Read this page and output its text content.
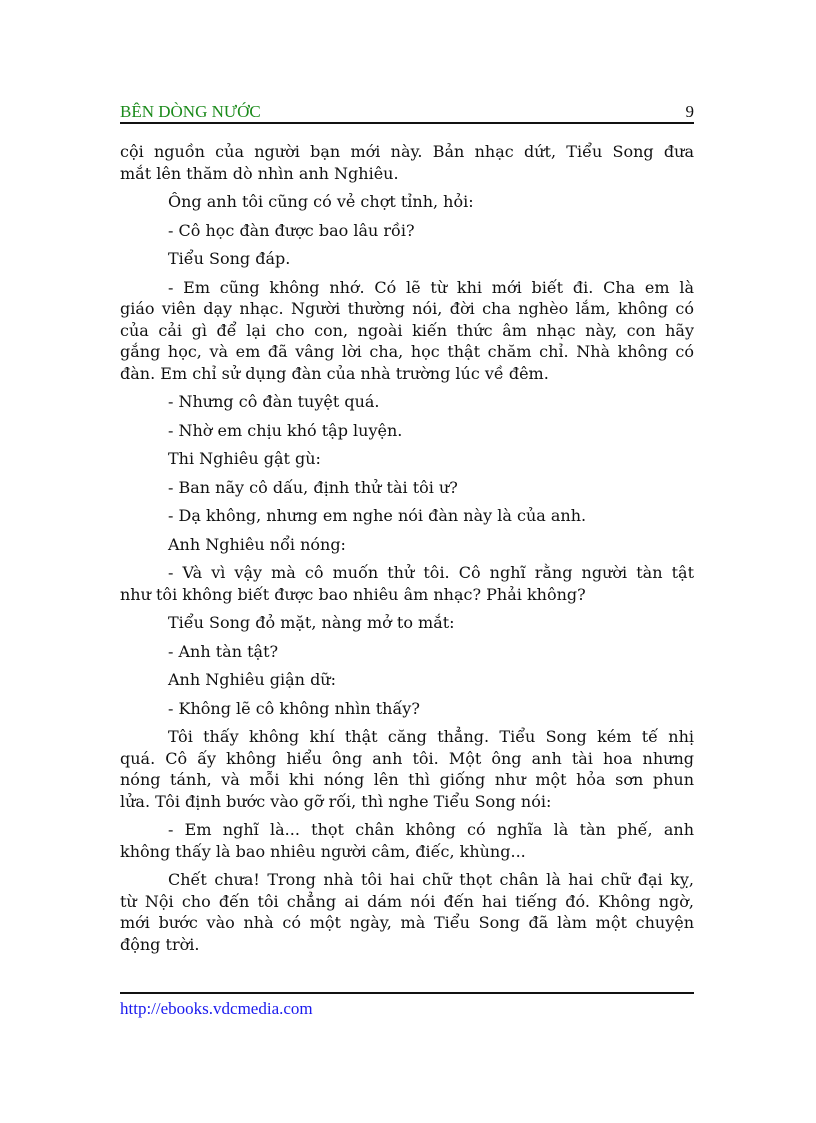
BÊN DÒNG NƯỚC	9
cội nguồn của người bạn mới này. Bản nhạc dứt, Tiểu Song đưa
mắt lên thăm dò nhìn anh Nghiêu.
Ông anh tôi cũng có vẻ chợt tỉnh, hỏi:
- Cô học đàn được bao lâu rồi?
Tiểu Song đáp.
- Em cũng không nhớ. Có lẽ từ khi mới biết đi. Cha em là
giáo viên dạy nhạc. Người thường nói, đời cha nghèo lắm, không có
của cải gì để lại cho con, ngoài kiến thức âm nhạc này, con hãy
gắng học, và em đã vâng lời cha, học thật chăm chỉ. Nhà không có
đàn. Em chỉ sử dụng đàn của nhà trường lúc về đêm.
- Nhưng cô đàn tuyệt quá.
- Nhờ em chịu khó tập luyện.
Thi Nghiêu gật gù:
- Ban nãy cô dấu, định thử tài tôi ư?
- Dạ không, nhưng em nghe nói đàn này là của anh.
Anh Nghiêu nổi nóng:
- Và vì vậy mà cô muốn thử tôi. Cô nghĩ rằng người tàn tật
như tôi không biết được bao nhiêu âm nhạc? Phải không?
Tiểu Song đỏ mặt, nàng mở to mắt:
- Anh tàn tật?
Anh Nghiêu giận dữ:
- Không lẽ cô không nhìn thấy?
Tôi thấy không khí thật căng thẳng. Tiểu Song kém tế nhị
quá. Cô ấy không hiểu ông anh tôi. Một ông anh tài hoa nhưng
nóng tánh, và mỗi khi nóng lên thì giống như một hỏa sơn phun
lửa. Tôi định bước vào gỡ rối, thì nghe Tiểu Song nói:
- Em nghĩ là... thọt chân không có nghĩa là tàn phế, anh
không thấy là bao nhiêu người câm, điếc, khùng...
Chết chưa! Trong nhà tôi hai chữ thọt chân là hai chữ đại kỵ,
từ Nội cho đến tôi chẳng ai dám nói đến hai tiếng đó. Không ngờ,
mới bước vào nhà có một ngày, mà Tiểu Song đã làm một chuyện
động trời.
http://ebooks.vdcmedia.com
